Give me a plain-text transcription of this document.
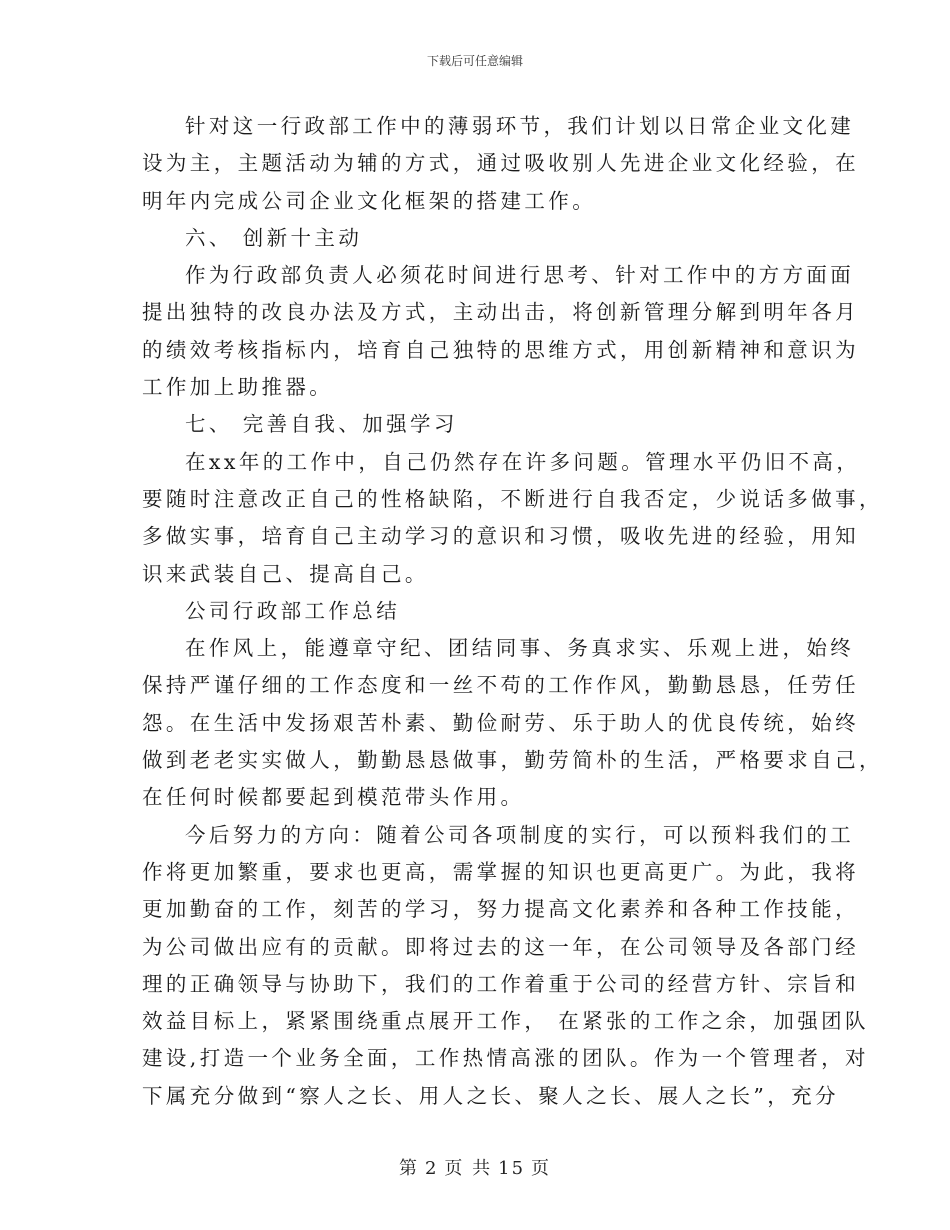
下载后可任意编辑
针对这一行政部工作中的薄弱环节，我们计划以日常企业文化建
设为主，主题活动为辅的方式，通过吸收别人先进企业文化经验，在
明年内完成公司企业文化框架的搭建工作。
六、 创新十主动
作为行政部负责人必须花时间进行思考、针对工作中的方方面面
提出独特的改良办法及方式，主动出击，将创新管理分解到明年各月
的绩效考核指标内，培育自己独特的思维方式，用创新精神和意识为
工作加上助推器。
七、 完善自我、加强学习
在xx年的工作中，自己仍然存在许多问题。管理水平仍旧不高，
要随时注意改正自己的性格缺陷，不断进行自我否定，少说话多做事，
多做实事，培育自己主动学习的意识和习惯，吸收先进的经验，用知
识来武装自己、提高自己。
公司行政部工作总结
在作风上，能遵章守纪、团结同事、务真求实、乐观上进，始终
保持严谨仔细的工作态度和一丝不苟的工作作风，勤勤恳恳，任劳任
怨。在生活中发扬艰苦朴素、勤俭耐劳、乐于助人的优良传统，始终
做到老老实实做人，勤勤恳恳做事，勤劳简朴的生活，严格要求自己，
在任何时候都要起到模范带头作用。
今后努力的方向：随着公司各项制度的实行，可以预料我们的工
作将更加繁重，要求也更高，需掌握的知识也更高更广。为此，我将
更加勤奋的工作，刻苦的学习，努力提高文化素养和各种工作技能，
为公司做出应有的贡献。即将过去的这一年，在公司领导及各部门经
理的正确领导与协助下，我们的工作着重于公司的经营方针、宗旨和
效益目标上，紧紧围绕重点展开工作， 在紧张的工作之余，加强团队
建设,打造一个业务全面，工作热情高涨的团队。作为一个管理者，对
下属充分做到“察人之长、用人之长、聚人之长、展人之长”，充分
第 2 页 共 15 页
